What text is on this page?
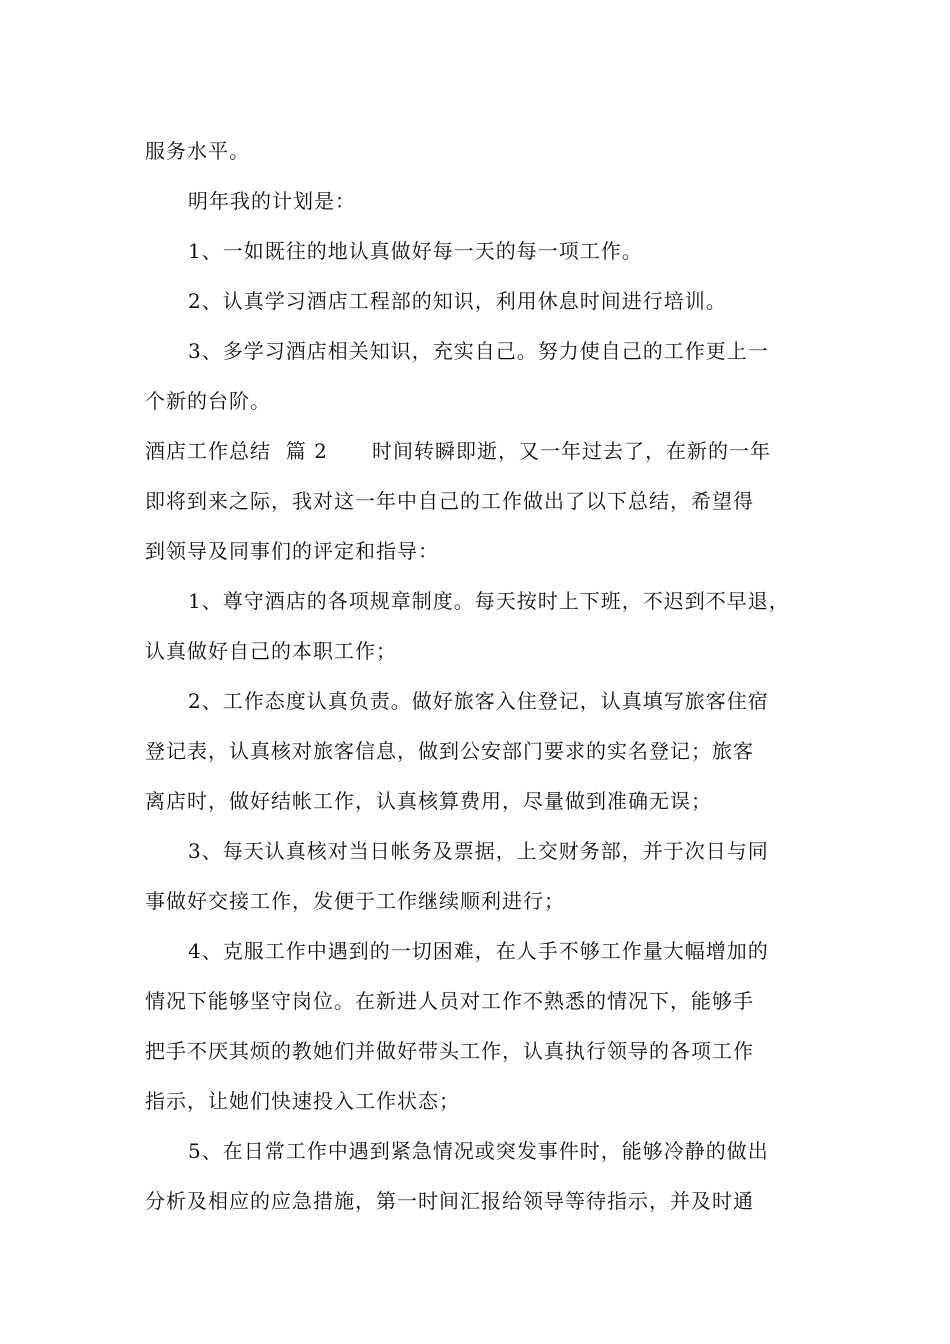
服务水平。
明年我的计划是：
1、一如既往的地认真做好每一天的每一项工作。
2、认真学习酒店工程部的知识，利用休息时间进行培训。
3、多学习酒店相关知识，充实自己。努力使自己的工作更上一
个新的台阶。
酒店工作总结  篇 2      时间转瞬即逝，又一年过去了，在新的一年
即将到来之际，我对这一年中自己的工作做出了以下总结，希望得
到领导及同事们的评定和指导：
1、尊守酒店的各项规章制度。每天按时上下班，不迟到不早退，
认真做好自己的本职工作；
2、工作态度认真负责。做好旅客入住登记，认真填写旅客住宿
登记表，认真核对旅客信息，做到公安部门要求的实名登记；旅客
离店时，做好结帐工作，认真核算费用，尽量做到准确无误；
3、每天认真核对当日帐务及票据，上交财务部，并于次日与同
事做好交接工作，发便于工作继续顺利进行；
4、克服工作中遇到的一切困难，在人手不够工作量大幅增加的
情况下能够坚守岗位。在新进人员对工作不熟悉的情况下，能够手
把手不厌其烦的教她们并做好带头工作，认真执行领导的各项工作
指示，让她们快速投入工作状态；
5、在日常工作中遇到紧急情况或突发事件时，能够冷静的做出
分析及相应的应急措施，第一时间汇报给领导等待指示，并及时通
